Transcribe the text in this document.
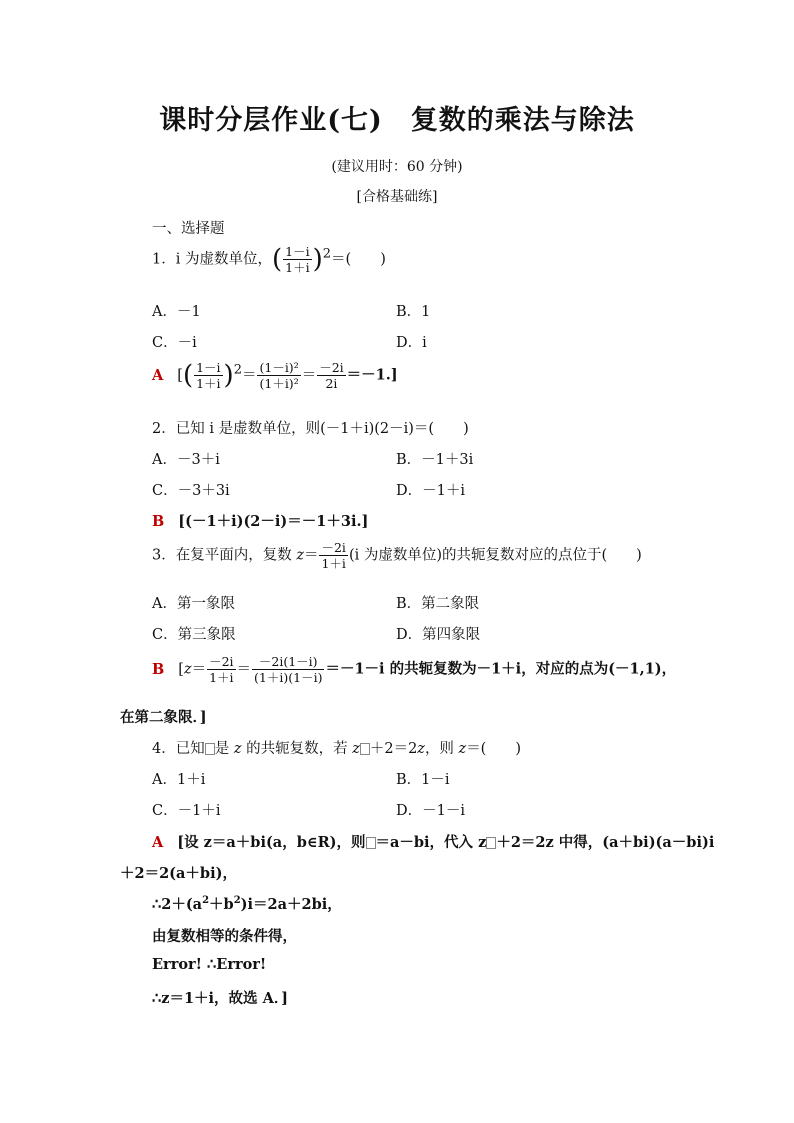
课时分层作业(七)　复数的乘法与除法
(建议用时：60 分钟)
[合格基础练]
一、选择题
1．i 为虚数单位，( $\frac{1-i}{1+i} )2=$(　　)
A．－1	B．1
C．－i	D．i
A [( $\frac{1-i}{1+i} )2= \frac{\text{(1－i)²}}{\text{(1＋i)²}} = \frac{-2i}{2i} =-1$.]
2．已知 i 是虚数单位，则(－1＋i)(2－i)＝(　　)
A．－3＋i	B．－1＋3i
C．－3＋3i	D．－1＋i
B [(－1＋i)(2－i)＝－1＋3i.]
3．在复平面内，复数 $z= \frac{-2i}{1+i} (i$ 为虚数单位)的共轭复数对应的点位于(　　)
A．第一象限	B．第二象限
C．第三象限	D．第四象限
B [$z= \frac{-2i}{1+i} = \frac{-2i(1-i)}{(1+i)(1-i)} =-1-i$ 的共轭复数为－1＋i，对应的点为(－1,1)，
在第二象限．]
4．已知 是 z 的共轭复数，若 z ＋2＝2z，则 z＝(　　)
A．1＋i	B．1－i
C．－1＋i	D．－1－i
A [设 z＝a＋bi(a，b∈R)，则 ＝a－bi，代入 z ＋2＝2z 中得，(a＋bi)(a－bi)i
＋2＝2(a＋bi)，
$\therefore 2+(a^2+b^2)i=2a+2bi$，
由复数相等的条件得，
Error! ∴Error!
∴z＝1＋i，故选 A．]
